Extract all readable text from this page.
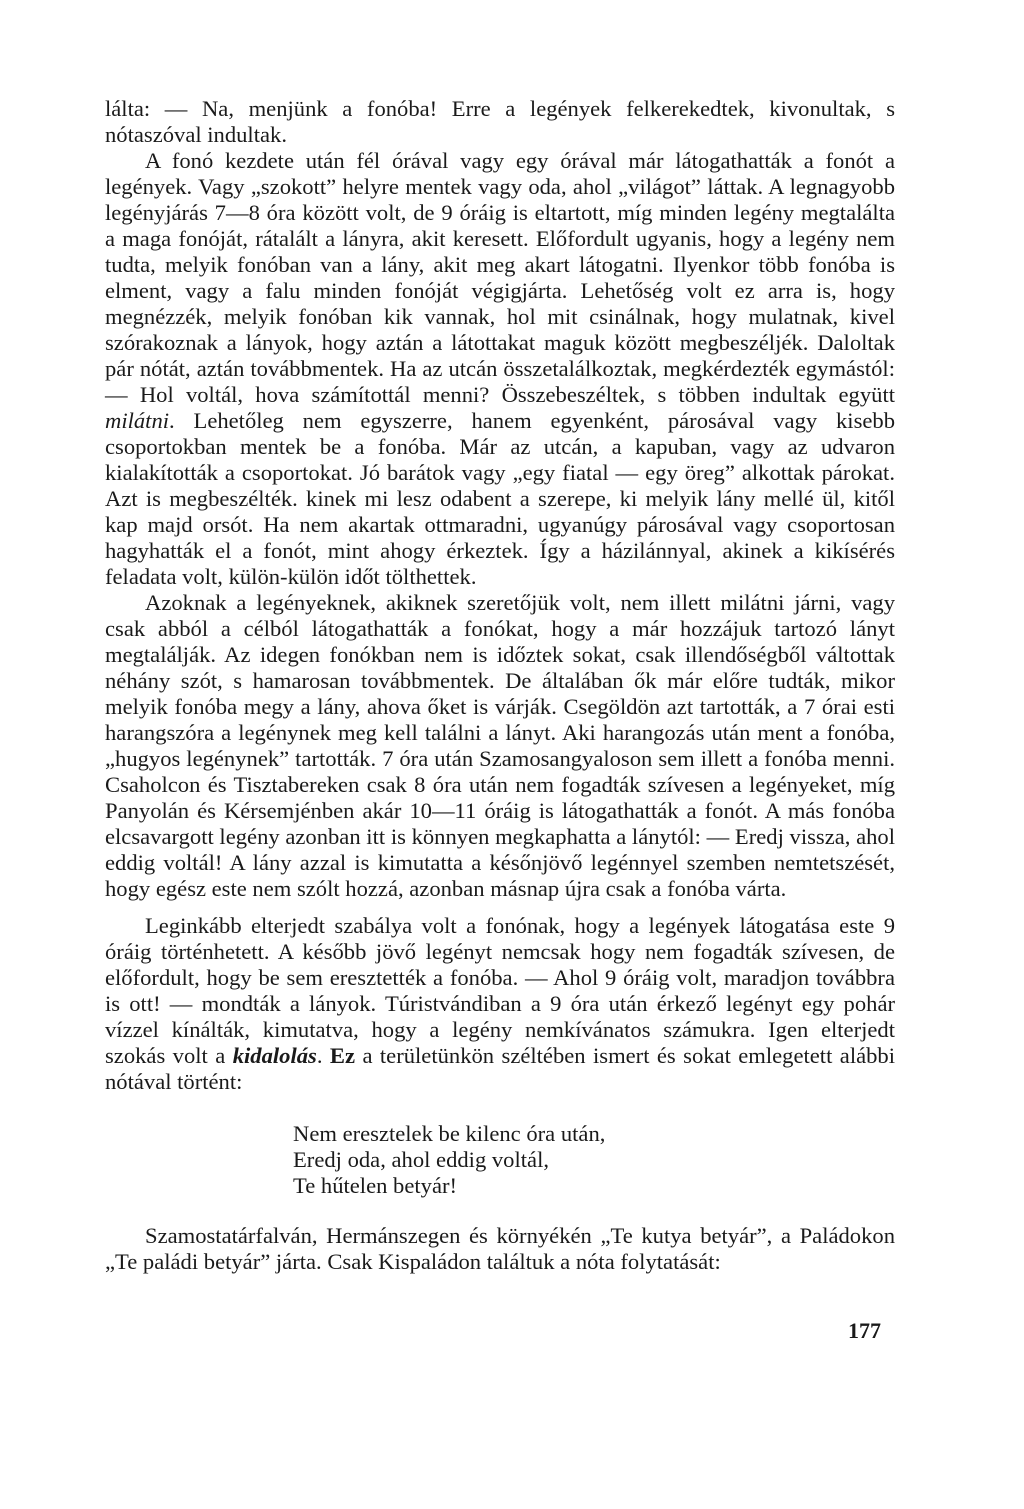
lálta: — Na, menjünk a fonóba! Erre a legények felkerekedtek, kivonultak, s nótaszóval indultak.

A fonó kezdete után fél órával vagy egy órával már látogathatták a fonót a legények. Vagy „szokott” helyre mentek vagy oda, ahol „világot” láttak. A legnagyobb legényjárás 7—8 óra között volt, de 9 óráig is eltartott, míg minden legény megtalálta a maga fonóját, rátalált a lányra, akit keresett. Előfordult ugyanis, hogy a legény nem tudta, melyik fonóban van a lány, akit meg akart látogatni. Ilyenkor több fonóba is elment, vagy a falu minden fonóját végigjárta. Lehetőség volt ez arra is, hogy megnézzék, melyik fonóban kik vannak, hol mit csinálnak, hogy mulatnak, kivel szórakoznak a lányok, hogy aztán a látottakat maguk között megbeszéljék. Daloltak pár nótát, aztán továbbmentek. Ha az utcán összetalálkoztak, megkérdezték egymástól: — Hol voltál, hova számítottál menni? Összebeszéltek, s többen indultak együtt milátni. Lehetőleg nem egyszerre, hanem egyenként, párosával vagy kisebb csoportokban mentek be a fonóba. Már az utcán, a kapuban, vagy az udvaron kialakították a csoportokat. Jó barátok vagy „egy fiatal — egy öreg” alkottak párokat. Azt is megbeszélték. kinek mi lesz odabent a szerepe, ki melyik lány mellé ül, kitől kap majd orsót. Ha nem akartak ottmaradni, ugyanúgy párosával vagy csoportosan hagyhatták el a fonót, mint ahogy érkeztek. Így a házilánnyal, akinek a kikísérés feladata volt, külön-külön időt tölthettek.

Azoknak a legényeknek, akiknek szeretőjük volt, nem illett milátni járni, vagy csak abból a célból látogathatták a fonókat, hogy a már hozzájuk tartozó lányt megtalálják. Az idegen fonókban nem is időztek sokat, csak illendőségből váltottak néhány szót, s hamarosan továbbmentek. De általában ők már előre tudták, mikor melyik fonóba megy a lány, ahova őket is várják. Csegöldön azt tartották, a 7 órai esti harangszóra a legénynek meg kell találni a lányt. Aki harangozás után ment a fonóba, „hugyos legénynek” tartották. 7 óra után Szamosangyaloson sem illett a fonóba menni. Csaholcon és Tisztabereken csak 8 óra után nem fogadták szívesen a legényeket, míg Panyolán és Kérsemjénben akár 10—11 óráig is látogathatták a fonót. A más fonóba elcsavargott legény azonban itt is könnyen megkaphatta a lánytól: — Eredj vissza, ahol eddig voltál! A lány azzal is kimutatta a későnjövő legénnyel szemben nemtetszését, hogy egész este nem szólt hozzá, azonban másnap újra csak a fonóba várta.

Leginkább elterjedt szabálya volt a fonónak, hogy a legények látogatása este 9 óráig történhetett. A később jövő legényt nemcsak hogy nem fogadták szívesen, de előfordult, hogy be sem eresztették a fonóba. — Ahol 9 óráig volt, maradjon továbbra is ott! — mondták a lányok. Túristvándiban a 9 óra után érkező legényt egy pohár vízzel kínálták, kimutatva, hogy a legény nemkívánatos számukra. Igen elterjedt szokás volt a kidalolás. Ez a területünkön széltében ismert és sokat emlegetett alábbi nótával történt:

Nem eresztelek be kilenc óra után,
Eredj oda, ahol eddig voltál,
Te hűtelen betyár!

Szamostatárfalván, Hermánszegen és környékén „Te kutya betyár”, a Paládokon „Te paládi betyár” járta. Csak Kispaládon találtuk a nóta folytatását:

177
